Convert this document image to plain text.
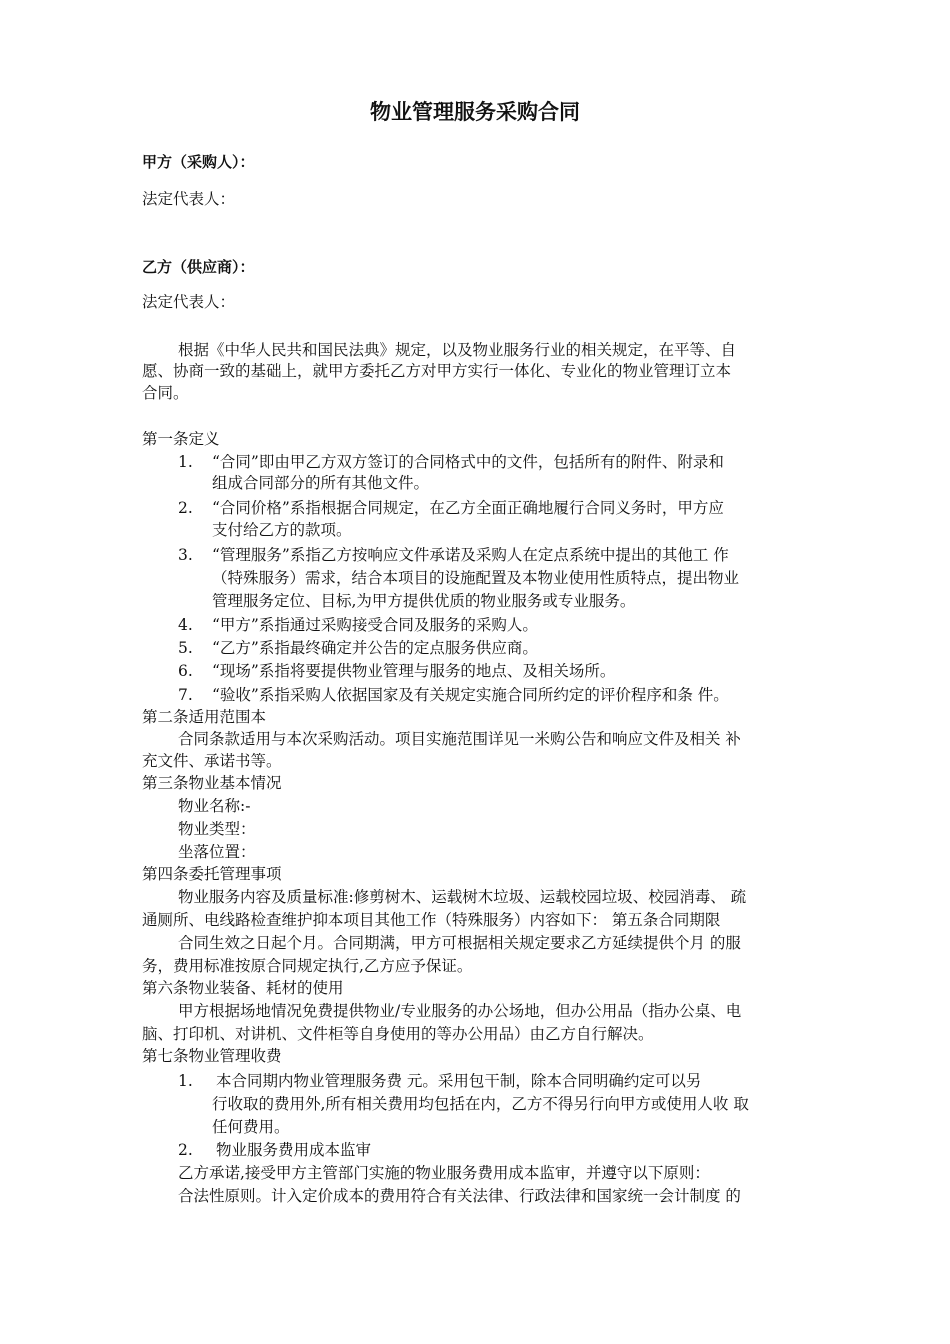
物业管理服务采购合同
甲方（采购人）：
法定代表人：
乙方（供应商）：
法定代表人：
根据《中华人民共和国民法典》规定，以及物业服务行业的相关规定，在平等、自
愿、协商一致的基础上，就甲方委托乙方对甲方实行一体化、专业化的物业管理订立本
合同。
第一条定义
1. “合同”即由甲乙方双方签订的合同格式中的文件，包括所有的附件、附录和
组成合同部分的所有其他文件。
2. “合同价格”系指根据合同规定，在乙方全面正确地履行合同义务时，甲方应
支付给乙方的款项。
3. “管理服务”系指乙方按响应文件承诺及采购人在定点系统中提出的其他工 作
（特殊服务）需求，结合本项目的设施配置及本物业使用性质特点，提出物业
管理服务定位、目标,为甲方提供优质的物业服务或专业服务。
4. “甲方”系指通过采购接受合同及服务的采购人。
5. “乙方”系指最终确定并公告的定点服务供应商。
6. “现场”系指将要提供物业管理与服务的地点、及相关场所。
7. “验收”系指采购人依据国家及有关规定实施合同所约定的评价程序和条 件。
第二条适用范围本
合同条款适用与本次采购活动。项目实施范围详见一米购公告和响应文件及相关 补
充文件、承诺书等。
第三条物业基本情况
物业名称:-
物业类型：
坐落位置：
第四条委托管理事项
物业服务内容及质量标准:修剪树木、运载树木垃圾、运载校园垃圾、校园消毒、 疏
通厕所、电线路检查维护抑本项目其他工作（特殊服务）内容如下： 第五条合同期限
合同生效之日起个月。合同期满，甲方可根据相关规定要求乙方延续提供个月 的服
务，费用标准按原合同规定执行,乙方应予保证。
第六条物业装备、耗材的使用
甲方根据场地情况免费提供物业/专业服务的办公场地，但办公用品（指办公桌、电
脑、打印机、对讲机、文件柜等自身使用的等办公用品）由乙方自行解决。
第七条物业管理收费
1. 本合同期内物业管理服务费 元。采用包干制，除本合同明确约定可以另
行收取的费用外,所有相关费用均包括在内，乙方不得另行向甲方或使用人收 取
任何费用。
2. 物业服务费用成本监审
乙方承诺,接受甲方主管部门实施的物业服务费用成本监审，并遵守以下原则：
合法性原则。计入定价成本的费用符合有关法律、行政法律和国家统一会计制度 的
